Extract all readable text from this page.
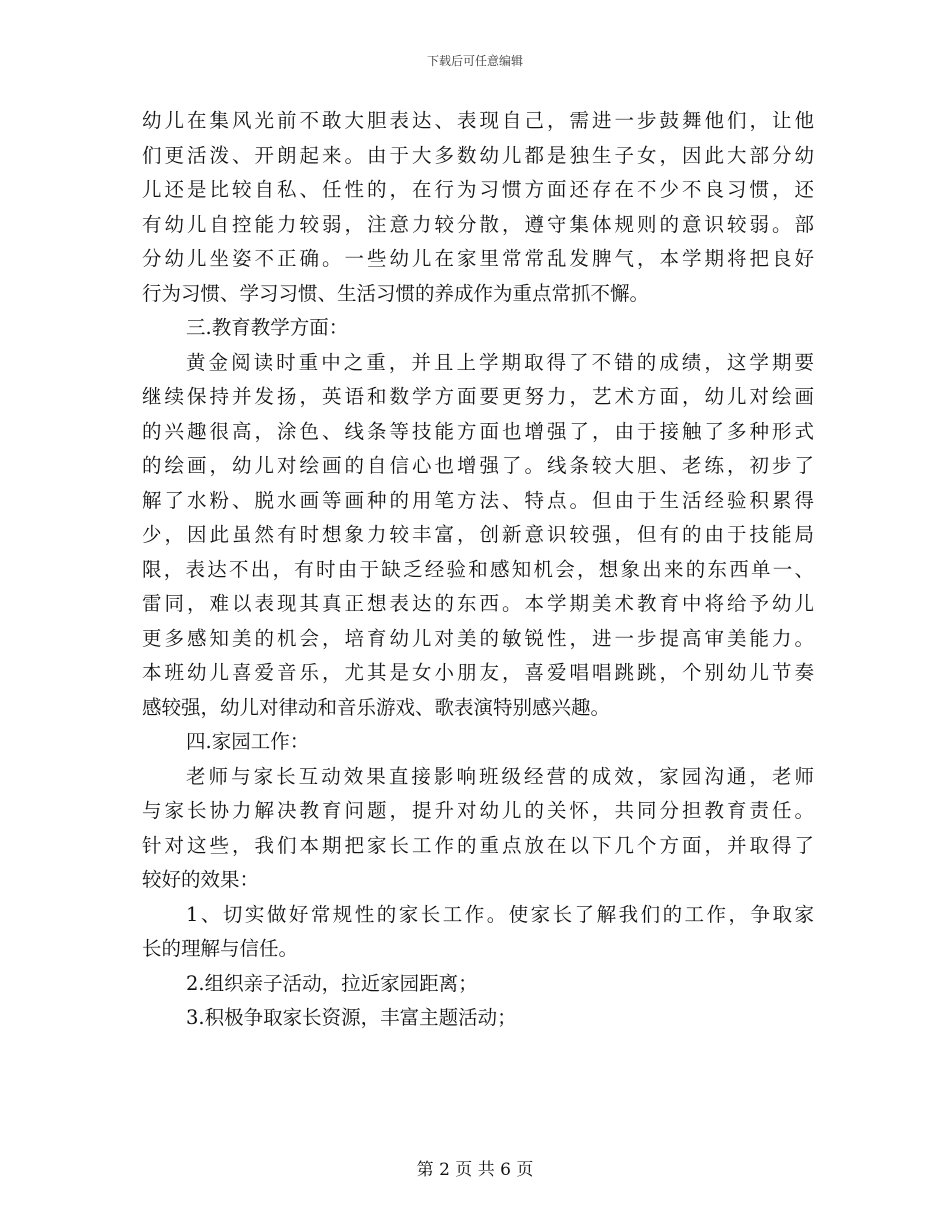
下载后可任意编辑
幼儿在集风光前不敢大胆表达、表现自己，需进一步鼓舞他们，让他
们更活泼、开朗起来。由于大多数幼儿都是独生子女，因此大部分幼
儿还是比较自私、任性的，在行为习惯方面还存在不少不良习惯，还
有幼儿自控能力较弱，注意力较分散，遵守集体规则的意识较弱。部
分幼儿坐姿不正确。一些幼儿在家里常常乱发脾气，本学期将把良好
行为习惯、学习习惯、生活习惯的养成作为重点常抓不懈。
三.教育教学方面：
黄金阅读时重中之重，并且上学期取得了不错的成绩，这学期要
继续保持并发扬，英语和数学方面要更努力，艺术方面，幼儿对绘画
的兴趣很高，涂色、线条等技能方面也增强了，由于接触了多种形式
的绘画，幼儿对绘画的自信心也增强了。线条较大胆、老练，初步了
解了水粉、脱水画等画种的用笔方法、特点。但由于生活经验积累得
少，因此虽然有时想象力较丰富，创新意识较强，但有的由于技能局
限，表达不出，有时由于缺乏经验和感知机会，想象出来的东西单一、
雷同，难以表现其真正想表达的东西。本学期美术教育中将给予幼儿
更多感知美的机会，培育幼儿对美的敏锐性，进一步提高审美能力。
本班幼儿喜爱音乐，尤其是女小朋友，喜爱唱唱跳跳，个别幼儿节奏
感较强，幼儿对律动和音乐游戏、歌表演特别感兴趣。
四.家园工作：
老师与家长互动效果直接影响班级经营的成效，家园沟通，老师
与家长协力解决教育问题，提升对幼儿的关怀，共同分担教育责任。
针对这些，我们本期把家长工作的重点放在以下几个方面，并取得了
较好的效果：
1、切实做好常规性的家长工作。使家长了解我们的工作，争取家
长的理解与信任。
2.组织亲子活动，拉近家园距离；
3.积极争取家长资源，丰富主题活动；
第 2 页 共 6 页
